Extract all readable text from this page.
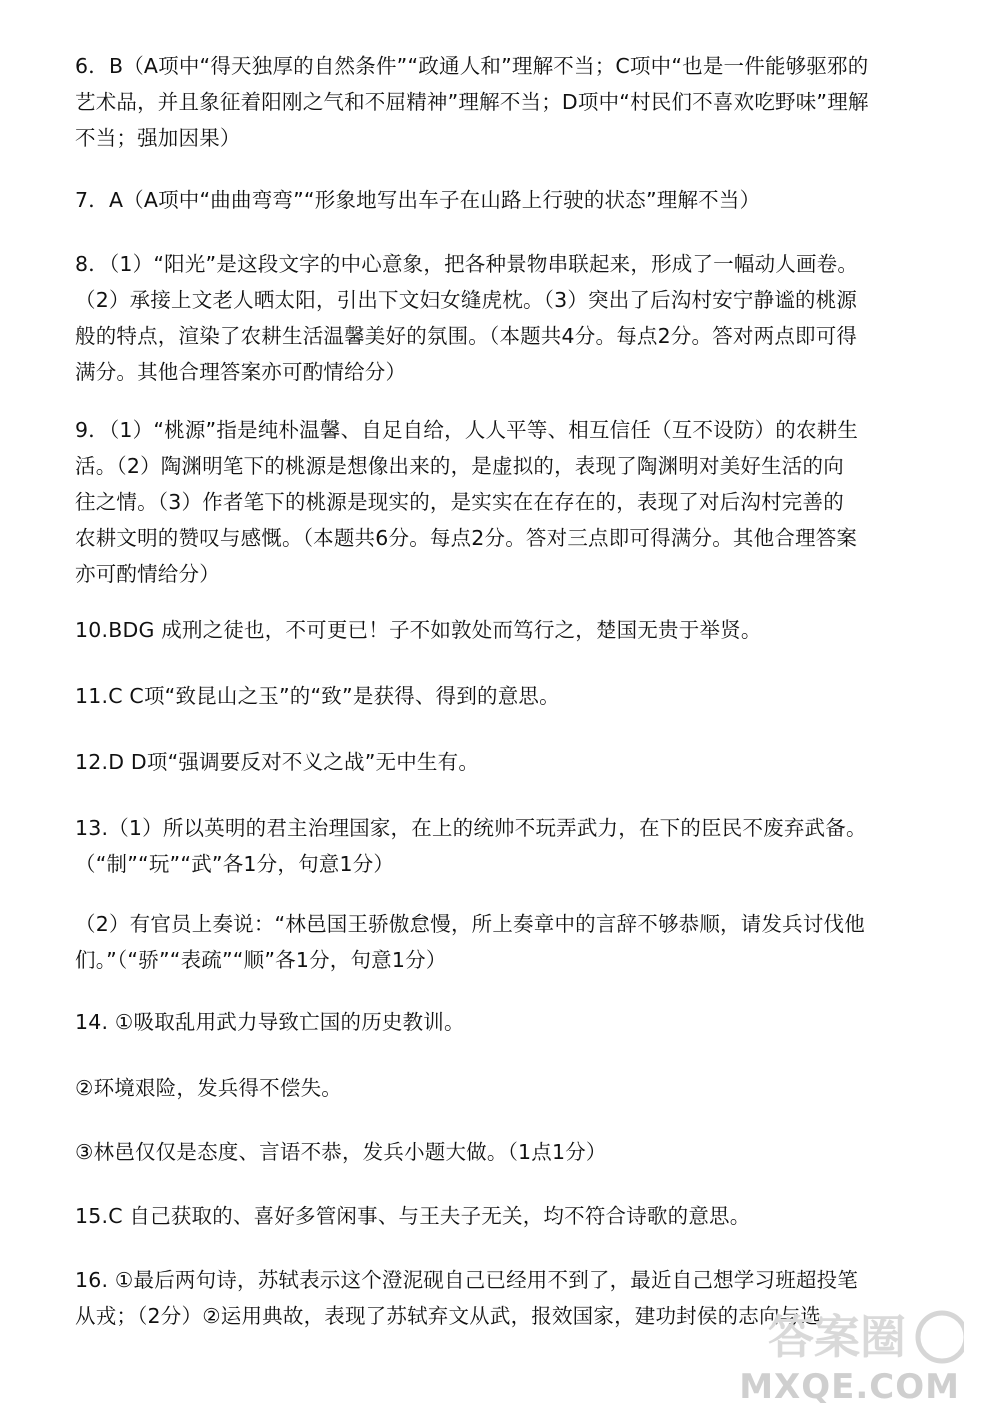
6．B（A项中“得天独厚的自然条件”“政通人和”理解不当；C项中“也是一件能够驱邪的
艺术品，并且象征着阳刚之气和不屈精神”理解不当；D项中“村民们不喜欢吃野味”理解
不当；强加因果）
7．A（A项中“曲曲弯弯”“形象地写出车子在山路上行驶的状态”理解不当）
8．（1）“阳光”是这段文字的中心意象，把各种景物串联起来，形成了一幅动人画卷。
（2）承接上文老人晒太阳，引出下文妇女缝虎枕。（3）突出了后沟村安宁静谧的桃源
般的特点，渲染了农耕生活温馨美好的氛围。（本题共4分。每点2分。答对两点即可得
满分。其他合理答案亦可酌情给分）
9．（1）“桃源”指是纯朴温馨、自足自给，人人平等、相互信任（互不设防）的农耕生
活。（2）陶渊明笔下的桃源是想像出来的，是虚拟的，表现了陶渊明对美好生活的向
往之情。（3）作者笔下的桃源是现实的，是实实在在存在的，表现了对后沟村完善的
农耕文明的赞叹与感慨。（本题共6分。每点2分。答对三点即可得满分。其他合理答案
亦可酌情给分）
10.BDG 成刑之徒也，不可更已！子不如敦处而笃行之，楚国无贵于举贤。
11.C C项“致昆山之玉”的“致”是获得、得到的意思。
12.D D项“强调要反对不义之战”无中生有。
13.（1）所以英明的君主治理国家，在上的统帅不玩弄武力，在下的臣民不废弃武备。
（“制”“玩”“武”各1分，句意1分）
（2）有官员上奏说：“林邑国王骄傲怠慢，所上奏章中的言辞不够恭顺，请发兵讨伐他
们。”（“骄”“表疏”“顺”各1分，句意1分）
14. ①吸取乱用武力导致亡国的历史教训。
②环境艰险，发兵得不偿失。
③林邑仅仅是态度、言语不恭，发兵小题大做。（1点1分）
15.C 自己获取的、喜好多管闲事、与王夫子无关，均不符合诗歌的意思。
16. ①最后两句诗，苏轼表示这个澄泥砚自己已经用不到了，最近自己想学习班超投笔
从戎；（2分）②运用典故，表现了苏轼弃文从武，报效国家，建功封侯的志向与选
答案圈
MXQE.COM
